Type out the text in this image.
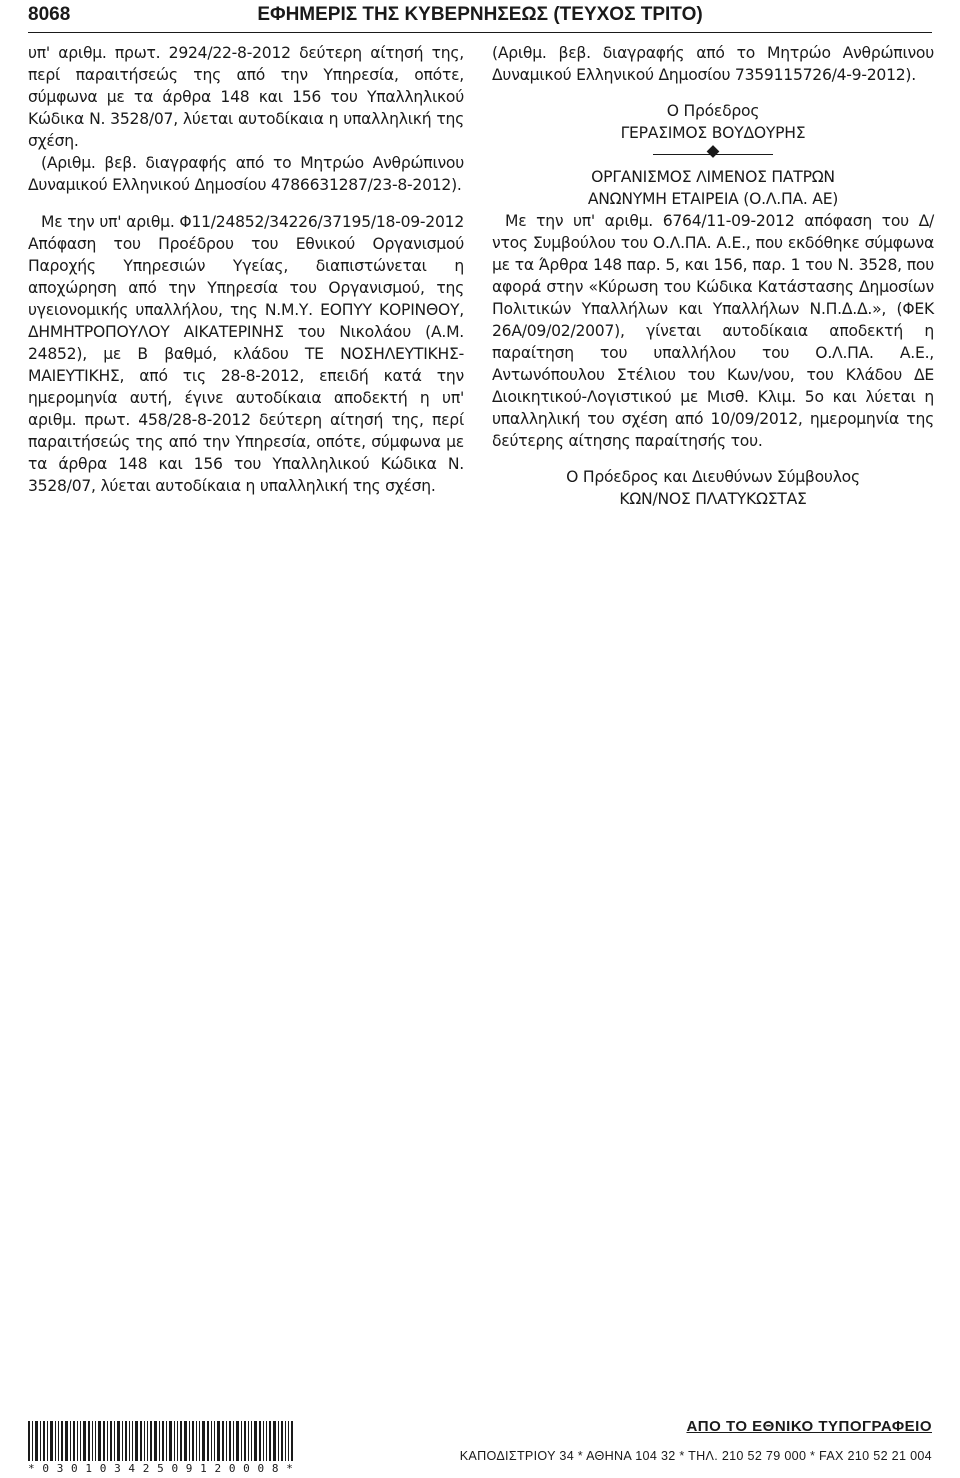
8068	ΕΦΗΜΕΡΙΣ ΤΗΣ ΚΥΒΕΡΝΗΣΕΩΣ (ΤΕΥΧΟΣ ΤΡΙΤΟ)

υπ' αριθμ. πρωτ. 2924/22-8-2012 δεύτερη αίτησή της, περί παραιτήσεώς της από την Υπηρεσία, οπότε, σύμφωνα με τα άρθρα 148 και 156 του Υπαλληλικού Κώδικα Ν. 3528/07, λύεται αυτοδίκαια η υπαλληλική της σχέση.

(Αριθμ. βεβ. διαγραφής από το Μητρώο Ανθρώπινου Δυναμικού Ελληνικού Δημοσίου 4786631287/23-8-2012).

Με την υπ' αριθμ. Φ11/24852/34226/37195/18-09-2012 Απόφαση του Προέδρου του Εθνικού Οργανισμού Παροχής Υπηρεσιών Υγείας, διαπιστώνεται η αποχώρηση από την Υπηρεσία του Οργανισμού, της υγειονομικής υπαλλήλου, της Ν.Μ.Υ. ΕΟΠΥΥ ΚΟΡΙΝΘΟΥ, ΔΗΜΗΤΡΟΠΟΥΛΟΥ ΑΙΚΑΤΕΡΙΝΗΣ του Νικολάου (Α.Μ. 24852), με Β βαθμό, κλάδου ΤΕ ΝΟΣΗΛΕΥΤΙΚΗΣ-ΜΑΙΕΥΤΙΚΗΣ, από τις 28-8-2012, επειδή κατά την ημερομηνία αυτή, έγινε αυτοδίκαια αποδεκτή η υπ' αριθμ. πρωτ. 458/28-8-2012 δεύτερη αίτησή της, περί παραιτήσεώς της από την Υπηρεσία, οπότε, σύμφωνα με τα άρθρα 148 και 156 του Υπαλληλικού Κώδικα Ν. 3528/07, λύεται αυτοδίκαια η υπαλληλική της σχέση.

(Αριθμ. βεβ. διαγραφής από το Μητρώο Ανθρώπινου Δυναμικού Ελληνικού Δημοσίου 7359115726/4-9-2012).

Ο Πρόεδρος

ΓΕΡΑΣΙΜΟΣ ΒΟΥΔΟΥΡΗΣ

ΟΡΓΑΝΙΣΜΟΣ ΛΙΜΕΝΟΣ ΠΑΤΡΩΝ

ΑΝΩΝΥΜΗ ΕΤΑΙΡΕΙΑ (Ο.Λ.ΠΑ. ΑΕ)

Με την υπ' αριθμ. 6764/11-09-2012 απόφαση του Δ/ντος Συμβούλου του Ο.Λ.ΠΑ. Α.Ε., που εκδόθηκε σύμφωνα με τα Άρθρα 148 παρ. 5, και 156, παρ. 1 του Ν. 3528, που αφορά στην «Κύρωση του Κώδικα Κατάστασης Δημοσίων Πολιτικών Υπαλλήλων και Υπαλλήλων Ν.Π.Δ.Δ.», (ΦΕΚ 26Α/09/02/2007), γίνεται αυτοδίκαια αποδεκτή η παραίτηση του υπαλλήλου του Ο.Λ.ΠΑ. Α.Ε., Αντωνόπουλου Στέλιου του Κων/νου, του Κλάδου ΔΕ Διοικητικού-Λογιστικού με Μισθ. Κλιμ. 5ο και λύεται η υπαλληλική του σχέση από 10/09/2012, ημερομηνία της δεύτερης αίτησης παραίτησής του.

Ο Πρόεδρος και Διευθύνων Σύμβουλος

ΚΩΝ/ΝΟΣ ΠΛΑΤΥΚΩΣΤΑΣ

* 0 3 0 1 0 3 4 2 5 0 9 1 2 0 0 0 8 *
ΑΠΟ ΤΟ ΕΘΝΙΚΟ ΤΥΠΟΓΡΑΦΕΙΟ
ΚΑΠΟΔΙΣΤΡΙΟΥ 34 * ΑΘΗΝΑ 104 32 * ΤΗΛ. 210 52 79 000 * FAX 210 52 21 004
